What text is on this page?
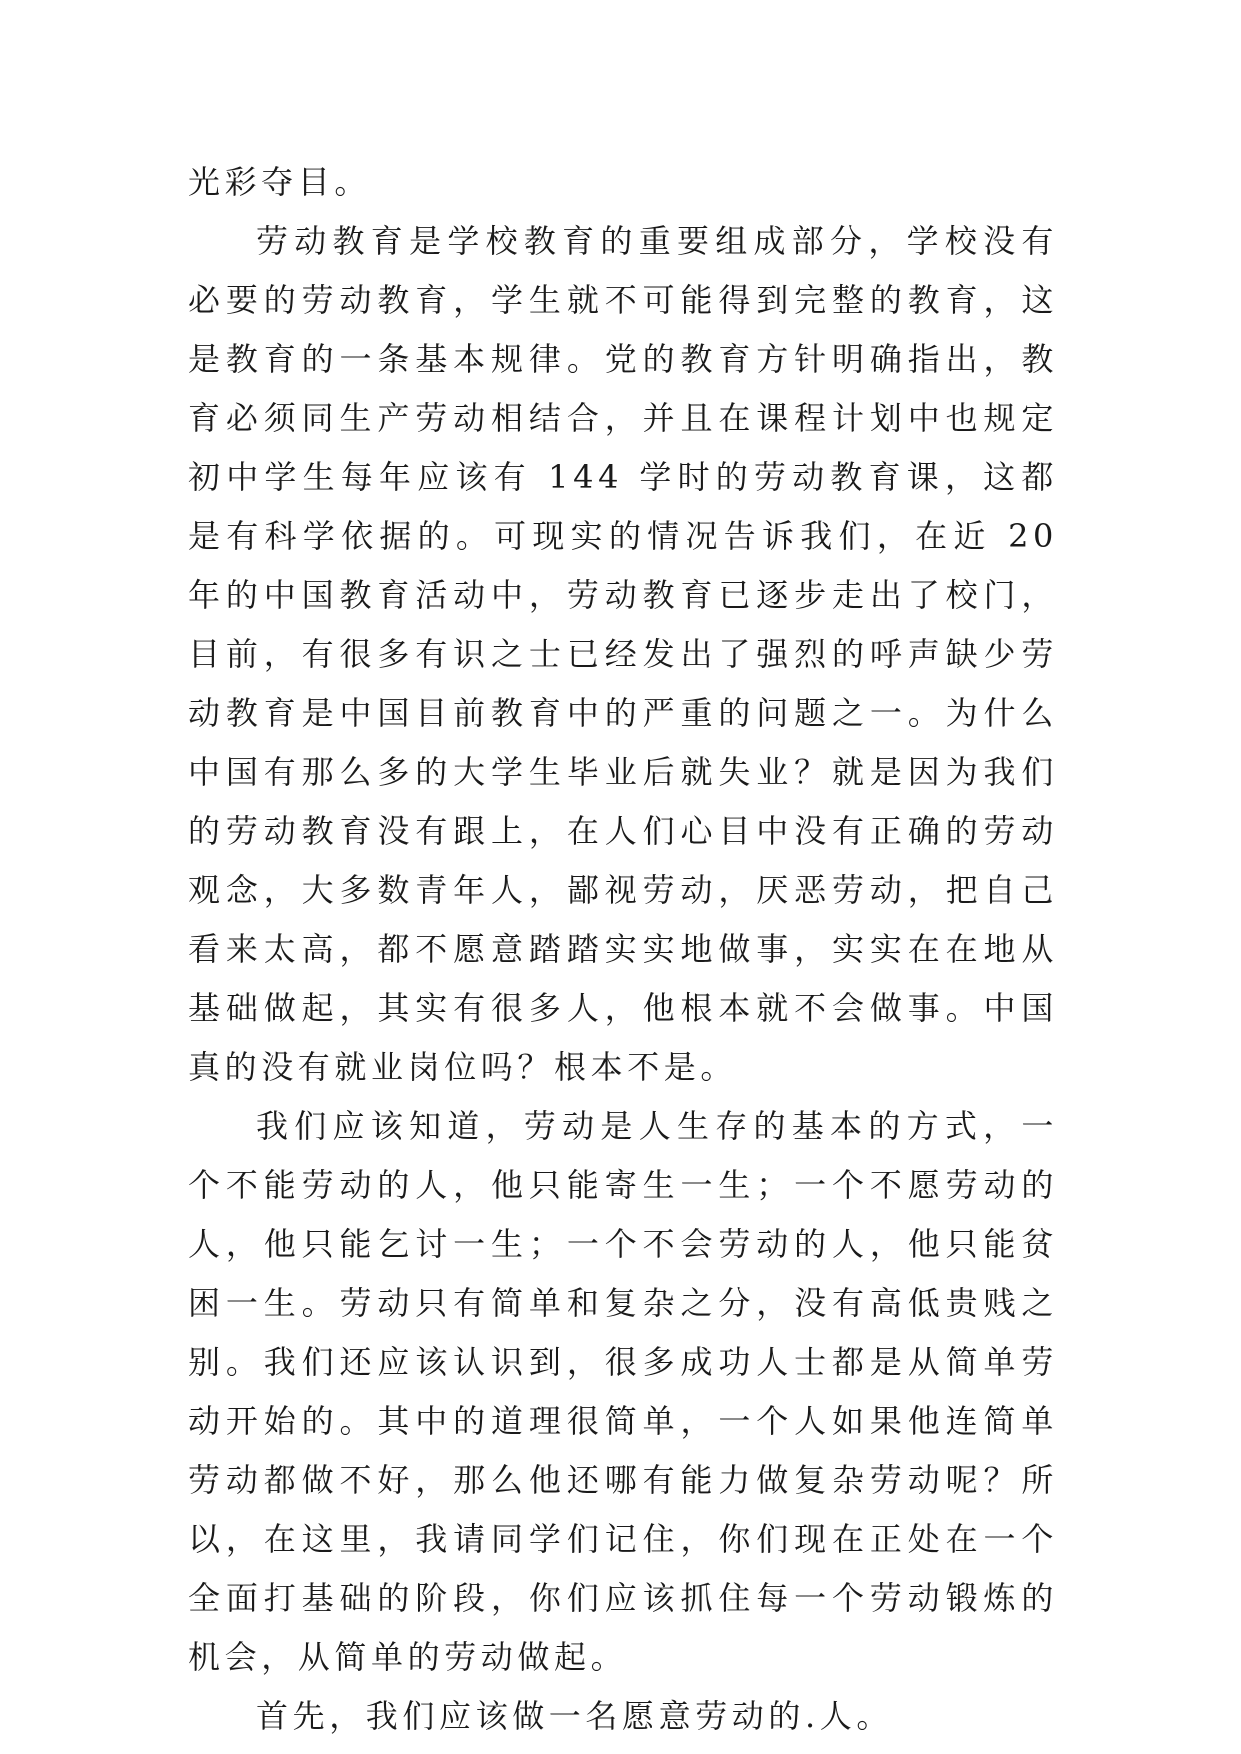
光彩夺目。

劳动教育是学校教育的重要组成部分，学校没有必要的劳动教育，学生就不可能得到完整的教育，这是教育的一条基本规律。党的教育方针明确指出，教育必须同生产劳动相结合，并且在课程计划中也规定初中学生每年应该有 144 学时的劳动教育课，这都是有科学依据的。可现实的情况告诉我们，在近 20 年的中国教育活动中，劳动教育已逐步走出了校门，目前，有很多有识之士已经发出了强烈的呼声缺少劳动教育是中国目前教育中的严重的问题之一。为什么中国有那么多的大学生毕业后就失业？就是因为我们的劳动教育没有跟上，在人们心目中没有正确的劳动观念，大多数青年人，鄙视劳动，厌恶劳动，把自己看来太高，都不愿意踏踏实实地做事，实实在在地从基础做起，其实有很多人，他根本就不会做事。中国真的没有就业岗位吗？根本不是。

我们应该知道，劳动是人生存的基本的方式，一个不能劳动的人，他只能寄生一生；一个不愿劳动的人，他只能乞讨一生；一个不会劳动的人，他只能贫困一生。劳动只有简单和复杂之分，没有高低贵贱之别。我们还应该认识到，很多成功人士都是从简单劳动开始的。其中的道理很简单，一个人如果他连简单劳动都做不好，那么他还哪有能力做复杂劳动呢？所以，在这里，我请同学们记住，你们现在正处在一个全面打基础的阶段，你们应该抓住每一个劳动锻炼的机会，从简单的劳动做起。

首先，我们应该做一名愿意劳动的.人。
